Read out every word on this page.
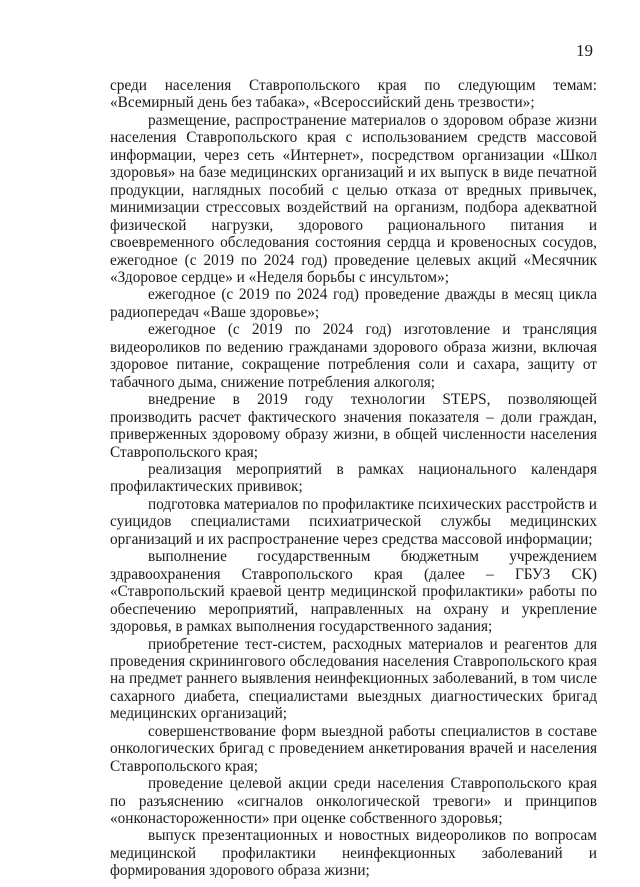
19

среди населения Ставропольского края по следующим темам: «Всемирный день без табака», «Всероссийский день трезвости»;

размещение, распространение материалов о здоровом образе жизни населения Ставропольского края с использованием средств массовой информации, через сеть «Интернет», посредством организации «Школ здоровья» на базе медицинских организаций и их выпуск в виде печатной продукции, наглядных пособий с целью отказа от вредных привычек, минимизации стрессовых воздействий на организм, подбора адекватной физической нагрузки, здорового рационального питания и своевременного обследования состояния сердца и кровеносных сосудов, ежегодное (с 2019 по 2024 год) проведение целевых акций «Месячник «Здоровое сердце» и «Неделя борьбы с инсультом»;

ежегодное (с 2019 по 2024 год) проведение дважды в месяц цикла радиопередач «Ваше здоровье»;

ежегодное (с 2019 по 2024 год) изготовление и трансляция видеороликов по ведению гражданами здорового образа жизни, включая здоровое питание, сокращение потребления соли и сахара, защиту от табачного дыма, снижение потребления алкоголя;

внедрение в 2019 году технологии STEPS, позволяющей производить расчет фактического значения показателя – доли граждан, приверженных здоровому образу жизни, в общей численности населения Ставропольского края;

реализация мероприятий в рамках национального календаря профилактических прививок;

подготовка материалов по профилактике психических расстройств и суицидов специалистами психиатрической службы медицинских организаций и их распространение через средства массовой информации;

выполнение государственным бюджетным учреждением здравоохранения Ставропольского края (далее – ГБУЗ СК) «Ставропольский краевой центр медицинской профилактики» работы по обеспечению мероприятий, направленных на охрану и укрепление здоровья, в рамках выполнения государственного задания;

приобретение тест-систем, расходных материалов и реагентов для проведения скринингового обследования населения Ставропольского края на предмет раннего выявления неинфекционных заболеваний, в том числе сахарного диабета, специалистами выездных диагностических бригад медицинских организаций;

совершенствование форм выездной работы специалистов в составе онкологических бригад с проведением анкетирования врачей и населения Ставропольского края;

проведение целевой акции среди населения Ставропольского края по разъяснению «сигналов онкологической тревоги» и принципов «онконастороженности» при оценке собственного здоровья;

выпуск презентационных и новостных видеороликов по вопросам медицинской профилактики неинфекционных заболеваний и формирования здорового образа жизни;
